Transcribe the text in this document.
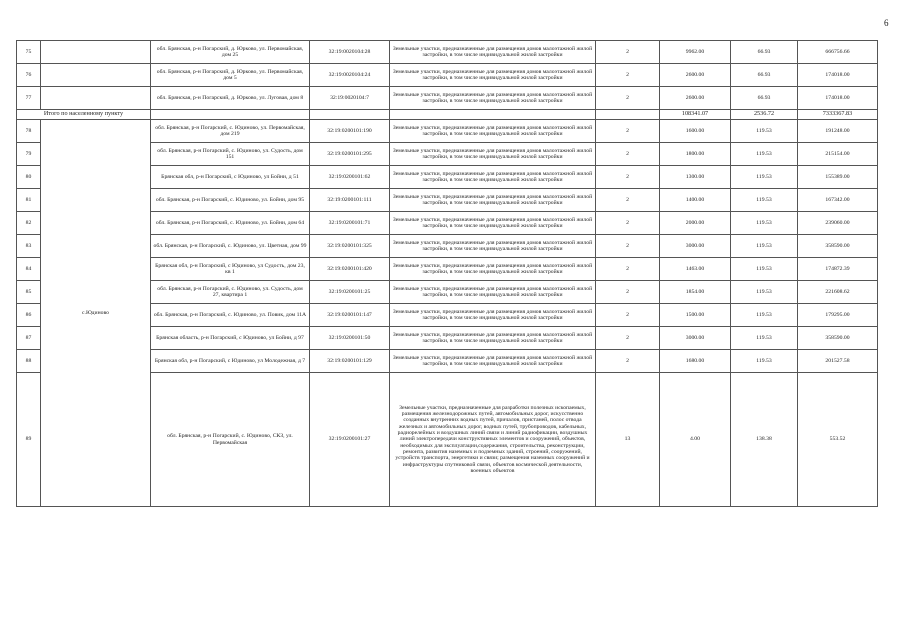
6
75		обл. Брянская, р-н Погарский, д. Юрково, ул. Первомайская, дом 25	32:19:0020104:28	Земельные участки, предназначенные для размещения домов малоэтажной жилой застройки, в том числе индивидуальной жилой застройки	2	9962.00	66.93	666756.66
76		обл. Брянская, р-н Погарский, д. Юрково, ул. Первомайская, дом 5	32:19:0020104:24	Земельные участки, предназначенные для размещения домов малоэтажной жилой застройки, в том числе индивидуальной жилой застройки	2	2600.00	66.93	174018.00
77		обл. Брянская, р-н Погарский, д. Юрково, ул. Луговая, дом 8	32:19:0020104:7	Земельные участки, предназначенные для размещения домов малоэтажной жилой застройки, в том числе индивидуальной жилой застройки	2	2600.00	66.93	174018.00
Итого по населенному пункту						108341.07	2536.72	7333367.83
78	с.Юдиново	обл. Брянская, р-н Погарский, с. Юдиново, ул. Первомайская, дом 219	32:19:0200101:190	Земельные участки, предназначенные для размещения домов малоэтажной жилой застройки, в том числе индивидуальной жилой застройки	2	1600.00	119.53	191248.00
79		обл. Брянская, р-н Погарский, с. Юдиново, ул. Судость, дом 151	32:19:0200101:295	Земельные участки, предназначенные для размещения домов малоэтажной жилой застройки, в том числе индивидуальной жилой застройки	2	1800.00	119.53	215154.00
80		Брянская обл, р-н Погарский, с Юдиново, ул Бойни, д 51	32:19:0200101:62	Земельные участки, предназначенные для размещения домов малоэтажной жилой застройки, в том числе индивидуальной жилой застройки	2	1300.00	119.53	155389.00
81		обл. Брянская, р-н Погарский, с. Юдиново, ул. Бойни, дом 95	32:19:0200101:111	Земельные участки, предназначенные для размещения домов малоэтажной жилой застройки, в том числе индивидуальной жилой застройки	2	1400.00	119.53	167342.00
82		обл. Брянская, р-н Погарский, с. Юдиново, ул. Бойни, дом 64	32:19:0200101:71	Земельные участки, предназначенные для размещения домов малоэтажной жилой застройки, в том числе индивидуальной жилой застройки	2	2000.00	119.53	239060.00
83		обл. Брянская, р-н Погарский, с. Юдиново, ул. Цветная, дом 99	32:19:0200101:325	Земельные участки, предназначенные для размещения домов малоэтажной жилой застройки, в том числе индивидуальной жилой застройки	2	3000.00	119.53	358590.00
84		Брянская обл, р-н Погарский, с Юдиново, ул Судость, дом 23, кв 1	32:19:0200101:420	Земельные участки, предназначенные для размещения домов малоэтажной жилой застройки, в том числе индивидуальной жилой застройки	2	1463.00	119.53	174872.39
85		обл. Брянская, р-н Погарский, с. Юдиново, ул. Судость, дом 27, квартира 1	32:19:0200101:25	Земельные участки, предназначенные для размещения домов малоэтажной жилой застройки, в том числе индивидуальной жилой застройки	2	1854.00	119.53	221608.62
86		обл. Брянская, р-н Погарский, с. Юдиново, ул. Повик, дом 11А	32:19:0200101:147	Земельные участки, предназначенные для размещения домов малоэтажной жилой застройки, в том числе индивидуальной жилой застройки	2	1500.00	119.53	179295.00
87		Брянская область, р-н Погарский, с Юдиново, ул Бойни, д 97	32:19:0200101:50	Земельные участки, предназначенные для размещения домов малоэтажной жилой застройки, в том числе индивидуальной жилой застройки	2	3000.00	119.53	358590.00
88		Брянская обл, р-н Погарский, с Юдиново, ул Молодежная, д 7	32:19:0200101:129	Земельные участки, предназначенные для размещения домов малоэтажной жилой застройки, в том числе индивидуальной жилой застройки	2	1680.00	119.53	201527.58
89		обл. Брянская, р-н Погарский, с. Юдиново, СКЗ, ул. Первомайская	32:19:0200101:27	Земельные участки, предназначенные для разработки полезных ископаемых, размещения железнодорожных путей, автомобильных дорог, искусственно созданных внутренних водных путей, причалов, пристаней, полос отвода железных и автомобильных дорог, водных путей, трубопроводов, кабельных, радиорелейных и воздушных линий связи и линий радиофикации, воздушных линий электропередачи конструктивных элементов и сооружений, объектов, необходимых для эксплуатации,содержания, строительства, реконструкции, ремонта, развития наземных и подземных зданий, строений, сооружений, устройств транспорта, энергетики и связи; размещения наземных сооружений и инфраструктуры спутниковой связи, объектов космической деятельности, военных объектов	13	4.00	138.38	553.52
